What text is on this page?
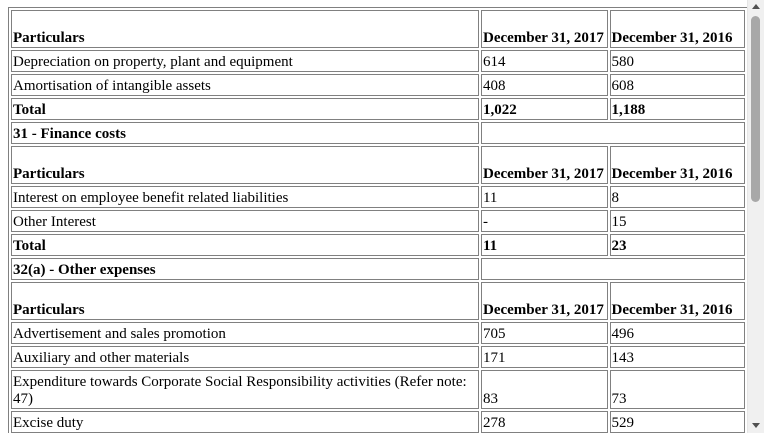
Particulars	December 31, 2017	December 31, 2016
Depreciation on property, plant and equipment	614	580
Amortisation of intangible assets	408	608
Total	1,022	1,188
31 - Finance costs		
Particulars	December 31, 2017	December 31, 2016
Interest on employee benefit related liabilities	11	8
Other Interest	-	15
Total	11	23
32(a) - Other expenses		
Particulars	December 31, 2017	December 31, 2016
Advertisement and sales promotion	705	496
Auxiliary and other materials	171	143
Expenditure towards Corporate Social Responsibility activities (Refer note: 47)	83	73
Excise duty	278	529
